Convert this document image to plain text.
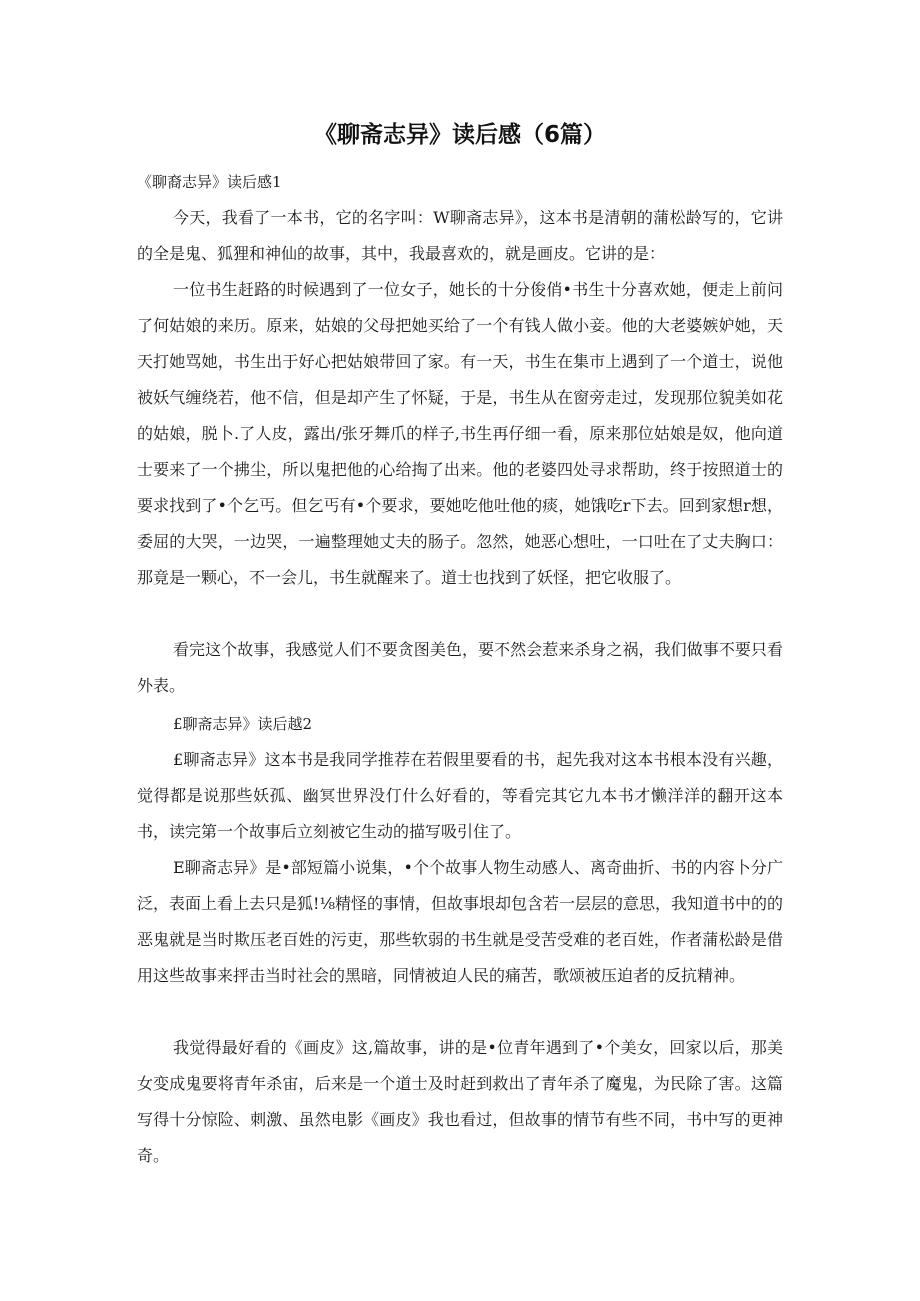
《聊斋志异》读后感（6篇）
《聊裔志异》读后感1

今天，我看了一本书，它的名字叫：W聊斋志异》，这本书是清朝的蒲松龄写的，它讲的全是鬼、狐狸和神仙的故事，其中，我最喜欢的，就是画皮。它讲的是：

一位书生赶路的时候遇到了一位女子，她长的十分俊俏•书生十分喜欢她，便走上前问了何姑娘的来历。原来，姑娘的父母把她买给了一个有钱人做小妾。他的大老婆嫉妒她，天天打她骂她，书生出于好心把姑娘带回了家。有一天，书生在集市上遇到了一个道士，说他被妖气缠绕若，他不信，但是却产生了怀疑，于是，书生从在窗旁走过，发现那位貌美如花的姑娘，脱卜.了人皮，露出/张牙舞爪的样子,书生再仔细一看，原来那位姑娘是奴，他向道士要来了一个拂尘，所以鬼把他的心给掏了出来。他的老婆四处寻求帮助，终于按照道士的要求找到了•个乞丐。但乞丐有•个要求，要她吃他吐他的痰，她饿吃r下去。回到家想r想，委屈的大哭，一边哭，一遍整理她丈夫的肠子。忽然，她恶心想吐，一口吐在了丈夫胸口：那竟是一颗心，不一会儿，书生就醒来了。道士也找到了妖怪，把它收服了。

看完这个故事，我感觉人们不要贪图美色，要不然会惹来杀身之祸，我们做事不要只看外表。

£聊斋志异》读后越2

£聊斋志异》这本书是我同学推荐在若假里要看的书，起先我对这本书根本没有兴趣，觉得都是说那些妖孤、幽冥世界没仃什么好看的，等看完其它九本书才懒洋洋的翻开这本书，读完第一个故事后立刻被它生动的描写吸引住了。

E聊斋志异》是•部短篇小说集，•个个故事人物生动感人、离奇曲折、书的内容卜分广泛，表面上看上去只是狐!⅛精怪的事情，但故事垠却包含若一层层的意思，我知道书中的的恶鬼就是当时欺压老百姓的污吏，那些软弱的书生就是受苦受难的老百姓，作者蒲松龄是借用这些故事来抨击当时社会的黑暗，同情被迫人民的痛苦，歌颂被压迫者的反抗精神。

我觉得最好看的《画皮》这,篇故事，讲的是•位青年遇到了•个美女，回家以后，那美女变成鬼要将青年杀宙，后来是一个道士及时赶到救出了青年杀了魔鬼，为民除了害。这篇写得十分惊险、刺激、虽然电影《画皮》我也看过，但故事的情节有些不同，书中写的更神奇。
